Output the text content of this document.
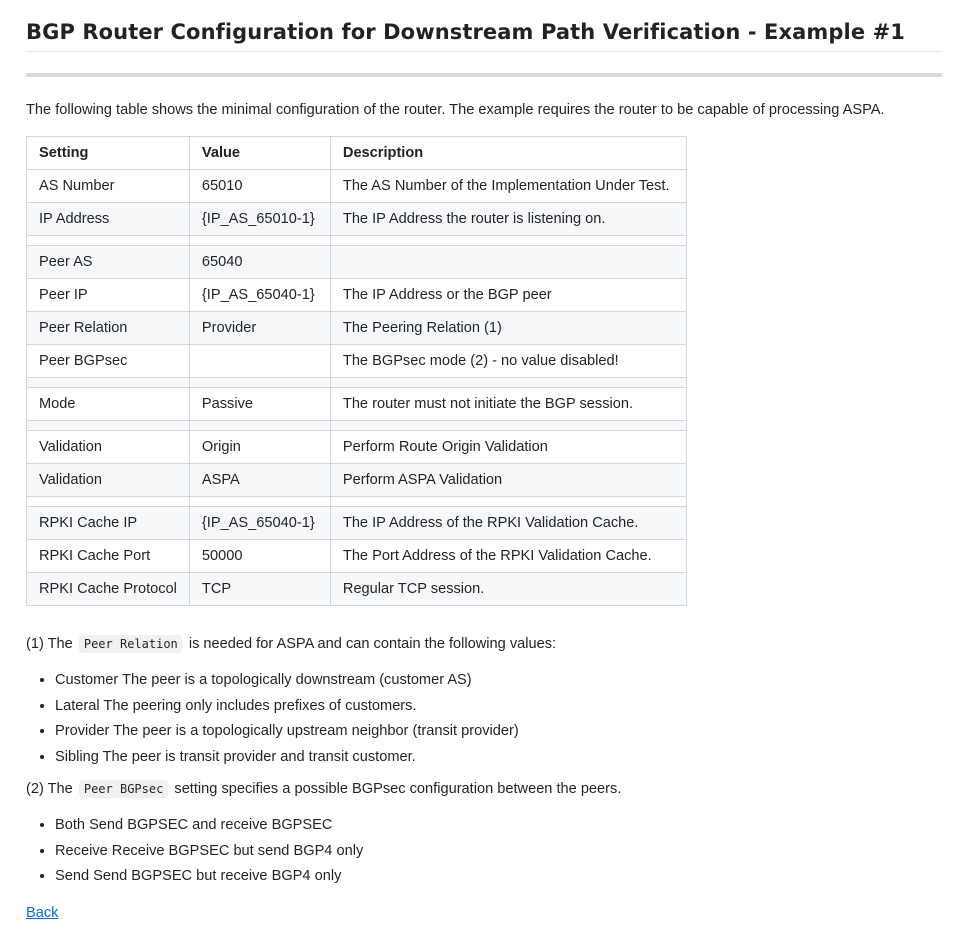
BGP Router Configuration for Downstream Path Verification - Example #1

The following table shows the minimal configuration of the router. The example requires the router to be capable of processing ASPA.

Setting	Value	Description
AS Number	65010	The AS Number of the Implementation Under Test.
IP Address	{IP_AS_65010-1}	The IP Address the router is listening on.

Peer AS	65040	
Peer IP	{IP_AS_65040-1}	The IP Address or the BGP peer
Peer Relation	Provider	The Peering Relation (1)
Peer BGPsec		The BGPsec mode (2) - no value disabled!

Mode	Passive	The router must not initiate the BGP session.

Validation	Origin	Perform Route Origin Validation
Validation	ASPA	Perform ASPA Validation

RPKI Cache IP	{IP_AS_65040-1}	The IP Address of the RPKI Validation Cache.
RPKI Cache Port	50000	The Port Address of the RPKI Validation Cache.
RPKI Cache Protocol	TCP	Regular TCP session.

(1) The Peer Relation is needed for ASPA and can contain the following values:

• Customer The peer is a topologically downstream (customer AS)
• Lateral The peering only includes prefixes of customers.
• Provider The peer is a topologically upstream neighbor (transit provider)
• Sibling The peer is transit provider and transit customer.

(2) The Peer BGPsec setting specifies a possible BGPsec configuration between the peers.

• Both Send BGPSEC and receive BGPSEC
• Receive Receive BGPSEC but send BGP4 only
• Send Send BGPSEC but receive BGP4 only
Back
